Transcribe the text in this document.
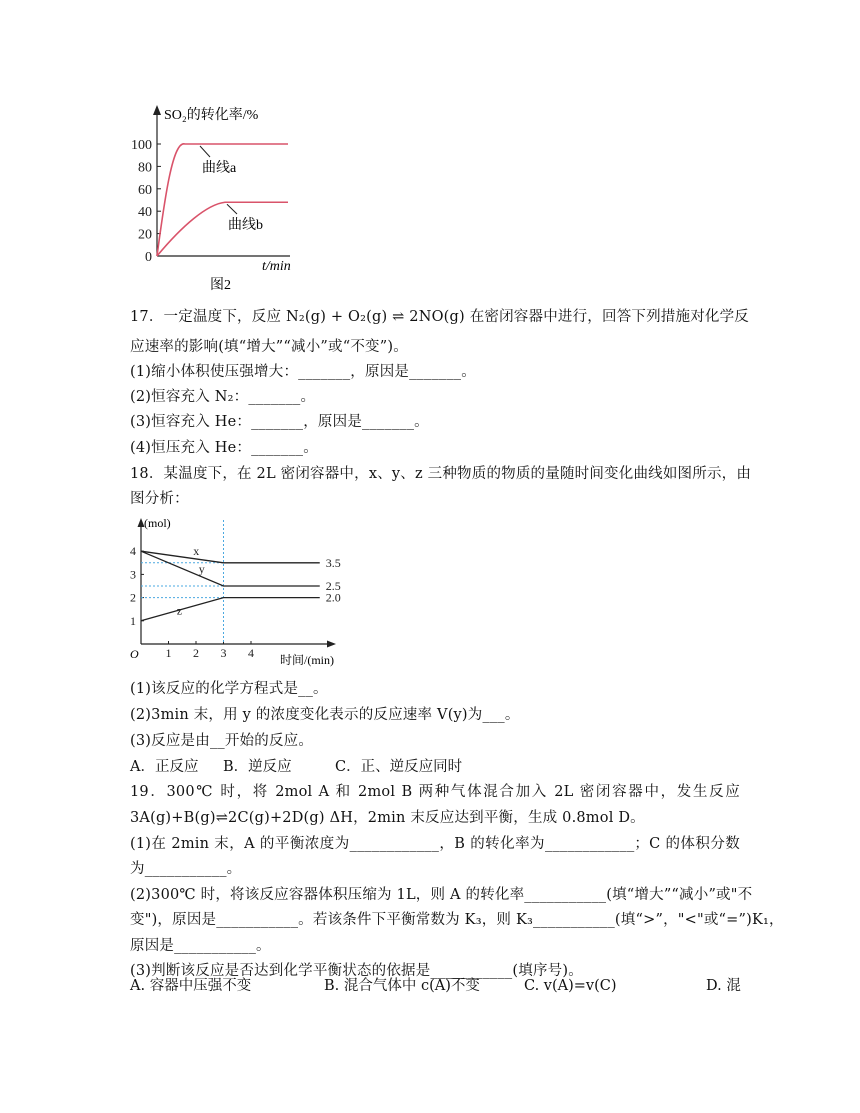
0
20
40
60
80
100
SO₂的转化率/%
t/min
图2
曲线a
曲线b
17．一定温度下，反应 N₂(g) + O₂(g) ⇌ 2NO(g) 在密闭容器中进行，回答下列措施对化学反
应速率的影响(填“增大”“减小”或“不变”)。
(1)缩小体积使压强增大：_______，原因是_______。
(2)恒容充入 N₂：_______。
(3)恒容充入 He：_______，原因是_______。
(4)恒压充入 He：_______。
18．某温度下，在 2L 密闭容器中，x、y、z 三种物质的物质的量随时间变化曲线如图所示，由
图分析：
1 2 3 4
1
2
3
4
(mol)
时间/(min)
O
3.5
x
2.5
y
2.0
z
(1)该反应的化学方程式是__。
(2)3min 末，用 y 的浓度变化表示的反应速率 V(y)为___。
(3)反应是由__开始的反应。
A．正反应 B．逆反应	C．正、逆反应同时
19．300℃ 时，将 2mol A 和 2mol B 两种气体混合加入 2L 密闭容器中，发生反应
3A(g)+B(g)⇌2C(g)+2D(g) ΔH，2min 末反应达到平衡，生成 0.8mol D。
(1)在 2min 末，A 的平衡浓度为____________，B 的转化率为____________；C 的体积分数
为___________。
(2)300℃ 时，将该反应容器体积压缩为 1L，则 A 的转化率___________(填“增大”“减小”或"不
变")，原因是___________。若该条件下平衡常数为 K₃，则 K₃___________(填“>”，"<"或“=”)K₁，
原因是___________。
(3)判断该反应是否达到化学平衡状态的依据是___________(填序号)。
A. 容器中压强不变	B. 混合气体中 c(A)不变	C. v(A)=v(C)	D. 混
